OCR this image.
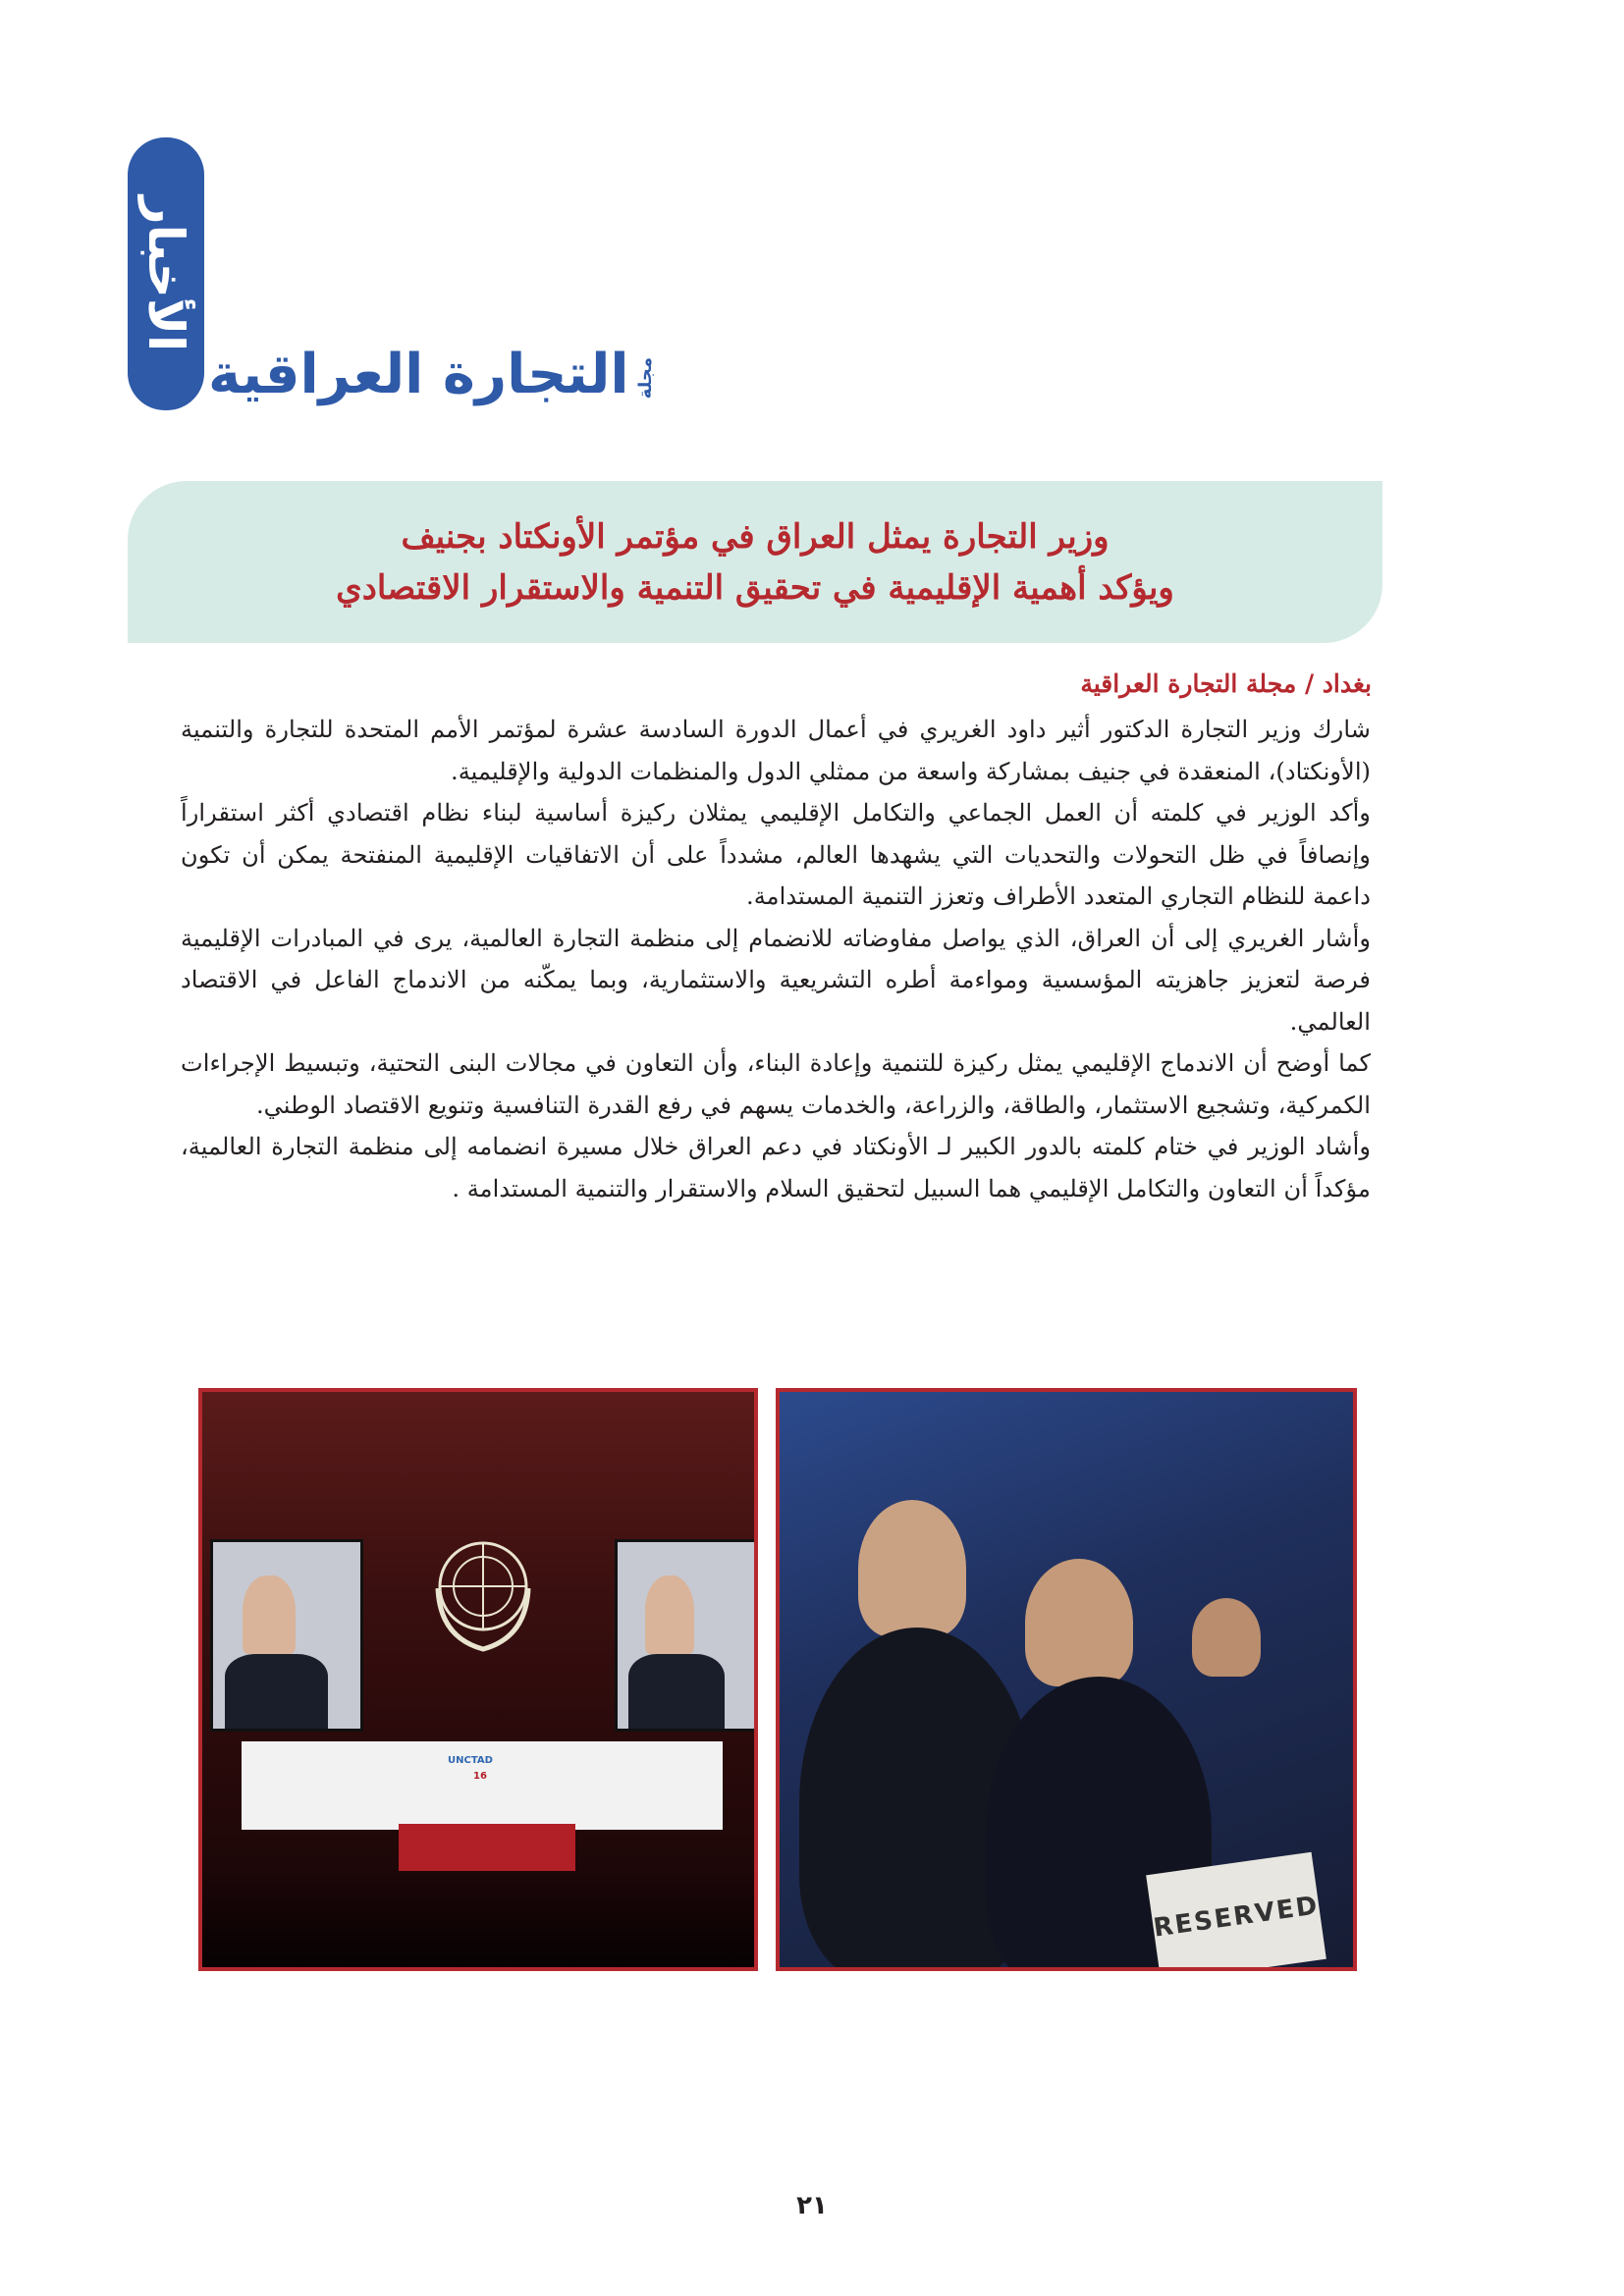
الأخبار
مجلة
التجارة العراقية
وزير التجارة يمثل العراق في مؤتمر الأونكتاد بجنيف
ويؤكد أهمية الإقليمية في تحقيق التنمية والاستقرار الاقتصادي
بغداد / مجلة التجارة العراقية

شارك وزير التجارة الدكتور أثير داود الغريري في أعمال الدورة السادسة عشرة لمؤتمر الأمم المتحدة للتجارة والتنمية (الأونكتاد)، المنعقدة في جنيف بمشاركة واسعة من ممثلي الدول والمنظمات الدولية والإقليمية.

وأكد الوزير في كلمته أن العمل الجماعي والتكامل الإقليمي يمثلان ركيزة أساسية لبناء نظام اقتصادي أكثر استقراراً وإنصافاً في ظل التحولات والتحديات التي يشهدها العالم، مشدداً على أن الاتفاقيات الإقليمية المنفتحة يمكن أن تكون داعمة للنظام التجاري المتعدد الأطراف وتعزز التنمية المستدامة.

وأشار الغريري إلى أن العراق، الذي يواصل مفاوضاته للانضمام إلى منظمة التجارة العالمية، يرى في المبادرات الإقليمية فرصة لتعزيز جاهزيته المؤسسية ومواءمة أطره التشريعية والاستثمارية، وبما يمكّنه من الاندماج الفاعل في الاقتصاد العالمي.

كما أوضح أن الاندماج الإقليمي يمثل ركيزة للتنمية وإعادة البناء، وأن التعاون في مجالات البنى التحتية، وتبسيط الإجراءات الكمركية، وتشجيع الاستثمار، والطاقة، والزراعة، والخدمات يسهم في رفع القدرة التنافسية وتنويع الاقتصاد الوطني.

وأشاد الوزير في ختام كلمته بالدور الكبير لـ الأونكتاد في دعم العراق خلال مسيرة انضمامه إلى منظمة التجارة العالمية، مؤكداً أن التعاون والتكامل الإقليمي هما السبيل لتحقيق السلام والاستقرار والتنمية المستدامة .

UNCTAD
16
RESERVED
٢١
